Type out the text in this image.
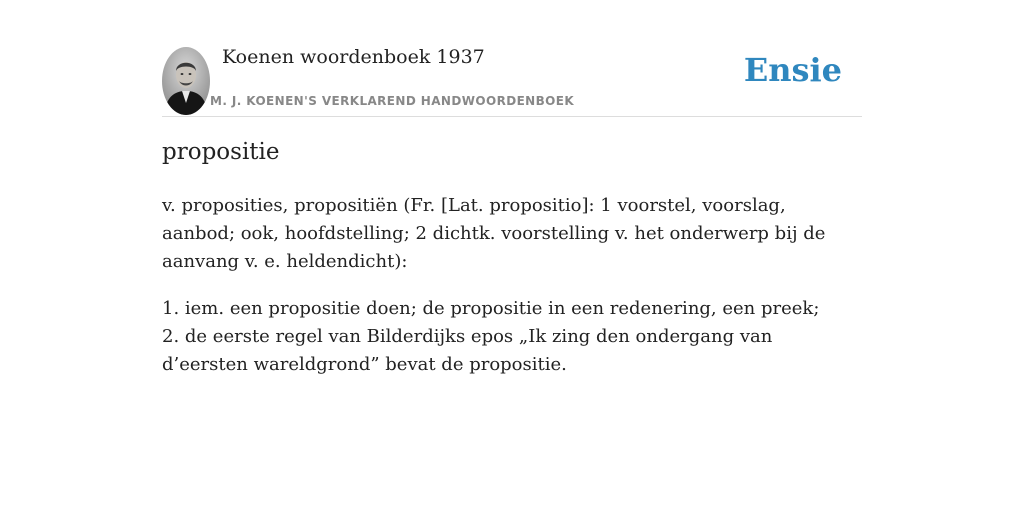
Koenen woordenboek 1937
M. J. KOENEN'S VERKLAREND HANDWOORDENBOEK
Ensie
propositie

v. proposities, propositiën (Fr. [Lat. propositio]: 1 voorstel, voorslag, aanbod; ook, hoofdstelling; 2 dichtk. voorstelling v. het onderwerp bij de aanvang v. e. heldendicht):

1. iem. een propositie doen; de propositie in een redenering, een preek;
2. de eerste regel van Bilderdijks epos „Ik zing den ondergang van d’eersten wareldgrond” bevat de propositie.
